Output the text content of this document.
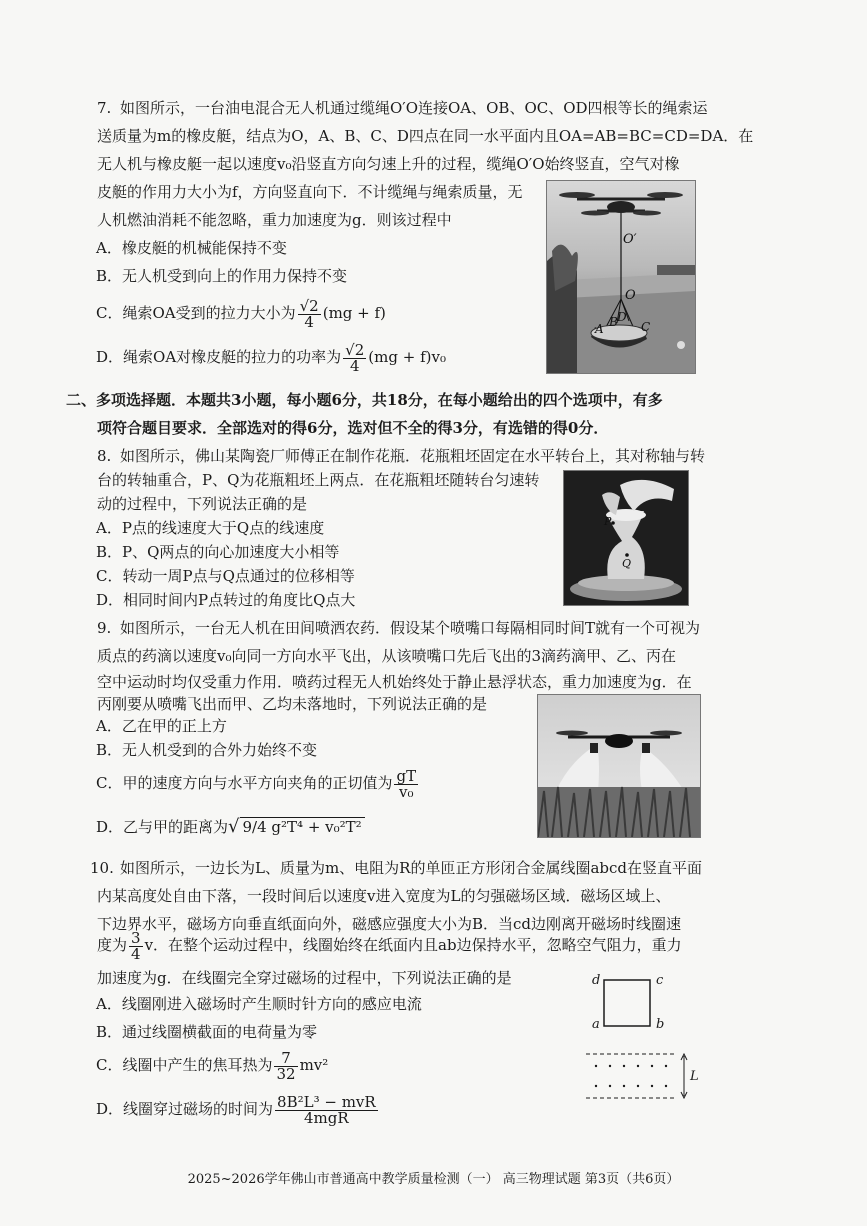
7. 如图所示，一台油电混合无人机通过缆绳O′O连接OA、OB、OC、OD四根等长的绳索运
送质量为m的橡皮艇，结点为O，A、B、C、D四点在同一水平面内且OA=AB=BC=CD=DA．在
无人机与橡皮艇一起以速度v₀沿竖直方向匀速上升的过程，缆绳O′O始终竖直，空气对橡
皮艇的作用力大小为f，方向竖直向下．不计缆绳与绳索质量，无
人机燃油消耗不能忽略，重力加速度为g．则该过程中
A．橡皮艇的机械能保持不变
B．无人机受到向上的作用力保持不变
C．绳索OA受到的拉力大小为 $\frac{√2}{4} (mg + f)$
D．绳索OA对橡皮艇的拉力的功率为 $\frac{√2}{4} (mg + f)v_0$
O′
O
A B D
C
二、多项选择题．本题共3小题，每小题6分，共18分，在每小题给出的四个选项中，有多
项符合题目要求．全部选对的得6分，选对但不全的得3分，有选错的得0分．
8. 如图所示，佛山某陶瓷厂师傅正在制作花瓶．花瓶粗坯固定在水平转台上，其对称轴与转
台的转轴重合，P、Q为花瓶粗坯上两点．在花瓶粗坯随转台匀速转
动的过程中，下列说法正确的是
A．P点的线速度大于Q点的线速度
B．P、Q两点的向心加速度大小相等
C．转动一周P点与Q点通过的位移相等
D．相同时间内P点转过的角度比Q点大
P
Q
9. 如图所示，一台无人机在田间喷洒农药．假设某个喷嘴口每隔相同时间T就有一个可视为
质点的药滴以速度v₀向同一方向水平飞出，从该喷嘴口先后飞出的3滴药滴甲、乙、丙在
空中运动时均仅受重力作用．喷药过程无人机始终处于静止悬浮状态，重力加速度为g．在
丙刚要从喷嘴飞出而甲、乙均未落地时，下列说法正确的是
A．乙在甲的正上方
B．无人机受到的合外力始终不变
C．甲的速度方向与水平方向夹角的正切值为 $\frac{gT}{\text{v₀}}$
D．乙与甲的距离为√ 9/4 g²T⁴ + v₀²T²
10. 如图所示，一边长为L、质量为m、电阻为R的单匝正方形闭合金属线圈abcd在竖直平面
内某高度处自由下落，一段时间后以速度v进入宽度为L的匀强磁场区域．磁场区域上、
下边界水平，磁场方向垂直纸面向外，磁感应强度大小为B．当cd边刚离开磁场时线圈速
度为 $\frac{3}{4}$ v．在整个运动过程中，线圈始终在纸面内且ab边保持水平，忽略空气阻力，重力
加速度为g．在线圈完全穿过磁场的过程中，下列说法正确的是
A．线圈刚进入磁场时产生顺时针方向的感应电流
B．通过线圈横截面的电荷量为零
C．线圈中产生的焦耳热为 $\frac{7}{32} mv^2$
D．线圈穿过磁场的时间为 $\frac{\text{8B²L³ − mvR}}{\text{4mgR}}$
d	c
a	b
L
2025~2026学年佛山市普通高中教学质量检测（一） 高三物理试题 第3页（共6页）
